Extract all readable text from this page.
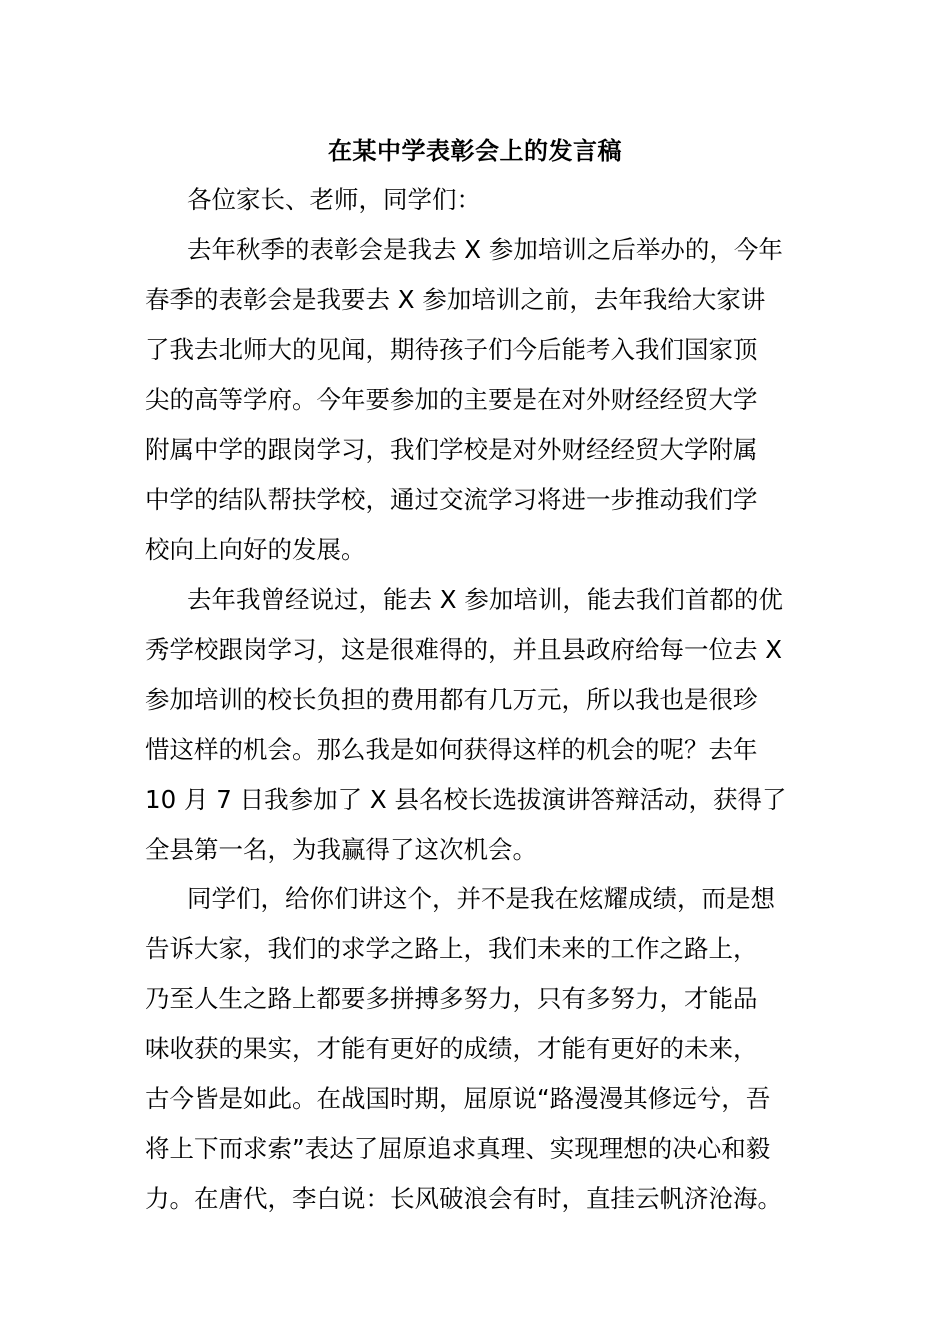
在某中学表彰会上的发言稿
各位家长、老师，同学们：
去年秋季的表彰会是我去 X 参加培训之后举办的，今年
春季的表彰会是我要去 X 参加培训之前，去年我给大家讲
了我去北师大的见闻，期待孩子们今后能考入我们国家顶
尖的高等学府。今年要参加的主要是在对外财经经贸大学
附属中学的跟岗学习，我们学校是对外财经经贸大学附属
中学的结队帮扶学校，通过交流学习将进一步推动我们学
校向上向好的发展。
去年我曾经说过，能去 X 参加培训，能去我们首都的优
秀学校跟岗学习，这是很难得的，并且县政府给每一位去 X
参加培训的校长负担的费用都有几万元，所以我也是很珍
惜这样的机会。那么我是如何获得这样的机会的呢？去年
10 月 7 日我参加了 X 县名校长选拔演讲答辩活动，获得了
全县第一名，为我赢得了这次机会。
同学们，给你们讲这个，并不是我在炫耀成绩，而是想
告诉大家，我们的求学之路上，我们未来的工作之路上，
乃至人生之路上都要多拼搏多努力，只有多努力，才能品
味收获的果实，才能有更好的成绩，才能有更好的未来，
古今皆是如此。在战国时期，屈原说“路漫漫其修远兮，吾
将上下而求索”表达了屈原追求真理、实现理想的决心和毅
力。在唐代，李白说：长风破浪会有时，直挂云帆济沧海。
